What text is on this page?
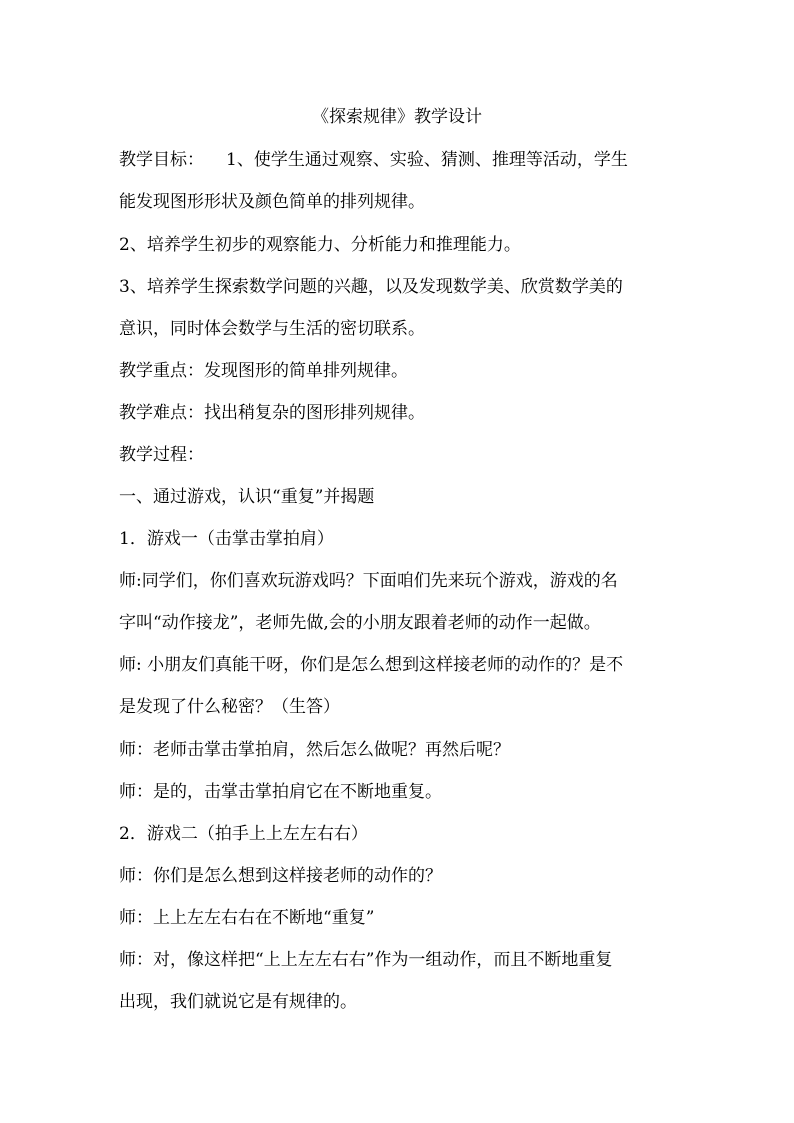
《探索规律》教学设计
教学目标： 1、使学生通过观察、实验、猜测、推理等活动，学生
能发现图形形状及颜色简单的排列规律。
2、培养学生初步的观察能力、分析能力和推理能力。
3、培养学生探索数学问题的兴趣，以及发现数学美、欣赏数学美的
意识，同时体会数学与生活的密切联系。
教学重点：发现图形的简单排列规律。
教学难点：找出稍复杂的图形排列规律。
教学过程：
一、通过游戏，认识“重复”并揭题
1．游戏一（击掌击掌拍肩）
师:同学们，你们喜欢玩游戏吗？下面咱们先来玩个游戏，游戏的名
字叫“动作接龙”，老师先做,会的小朋友跟着老师的动作一起做。
师: 小朋友们真能干呀，你们是怎么想到这样接老师的动作的？是不
是发现了什么秘密？（生答）
师：老师击掌击掌拍肩，然后怎么做呢？再然后呢？
师：是的，击掌击掌拍肩它在不断地重复。
2．游戏二（拍手上上左左右右）
师：你们是怎么想到这样接老师的动作的？
师：上上左左右右在不断地“重复”
师：对，像这样把“上上左左右右”作为一组动作，而且不断地重复
出现，我们就说它是有规律的。
